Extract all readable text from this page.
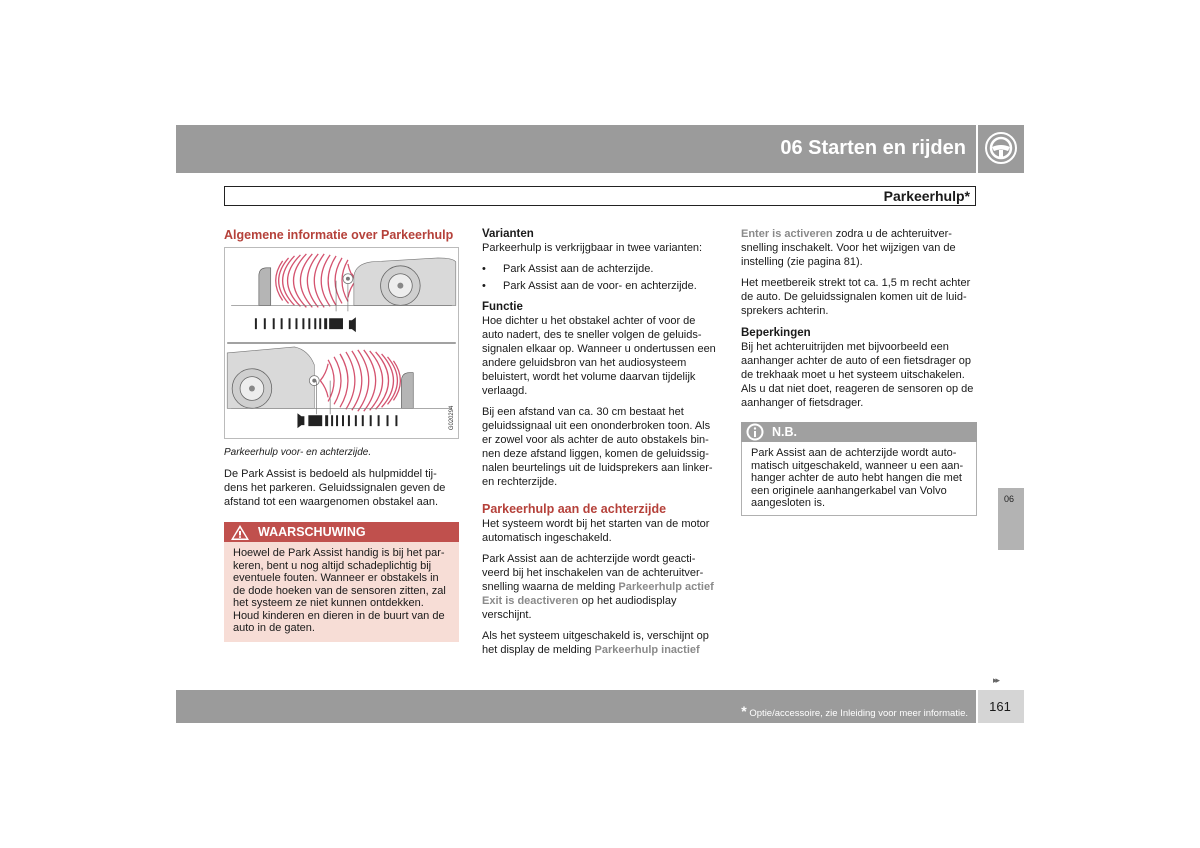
06 Starten en rijden
Parkeerhulp*
Algemene informatie over Parkeerhulp
G020294

Parkeerhulp voor- en achterzijde.

De Park Assist is bedoeld als hulpmiddel tij-dens het parkeren. Geluidssignalen geven de afstand tot een waargenomen obstakel aan.

WAARSCHUWING
Hoewel de Park Assist handig is bij het par-keren, bent u nog altijd schadeplichtig bij eventuele fouten. Wanneer er obstakels in de dode hoeken van de sensoren zitten, zal het systeem ze niet kunnen ontdekken. Houd kinderen en dieren in de buurt van de auto in de gaten.
Varianten

Parkeerhulp is verkrijgbaar in twee varianten:

•	Park Assist aan de achterzijde.
•	Park Assist aan de voor- en achterzijde.
Functie

Hoe dichter u het obstakel achter of voor de auto nadert, des te sneller volgen de geluids-signalen elkaar op. Wanneer u ondertussen een andere geluidsbron van het audiosysteem beluistert, wordt het volume daarvan tijdelijk verlaagd.

Bij een afstand van ca. 30 cm bestaat het geluidssignaal uit een ononderbroken toon. Als er zowel voor als achter de auto obstakels bin-nen deze afstand liggen, komen de geluidssig-nalen beurtelings uit de luidsprekers aan linker-en rechterzijde.

Parkeerhulp aan de achterzijde

Het systeem wordt bij het starten van de motor automatisch ingeschakeld.

Park Assist aan de achterzijde wordt geacti-veerd bij het inschakelen van de achteruitver-snelling waarna de melding Parkeerhulp actief Exit is deactiveren op het audiodisplay verschijnt.

Als het systeem uitgeschakeld is, verschijnt op het display de melding Parkeerhulp inactief

Enter is activeren zodra u de achteruitver-snelling inschakelt. Voor het wijzigen van de instelling (zie pagina 81).

Het meetbereik strekt tot ca. 1,5 m recht achter de auto. De geluidssignalen komen uit de luid-sprekers achterin.

Beperkingen

Bij het achteruitrijden met bijvoorbeeld een aanhanger achter de auto of een fietsdrager op de trekhaak moet u het systeem uitschakelen. Als u dat niet doet, reageren de sensoren op de aanhanger of fietsdrager.

N.B.
Park Assist aan de achterzijde wordt auto-matisch uitgeschakeld, wanneer u een aan-hanger achter de auto hebt hangen die met een originele aanhangerkabel van Volvo aangesloten is.	06
▸▸
* Optie/accessoire, zie Inleiding voor meer informatie.	161
